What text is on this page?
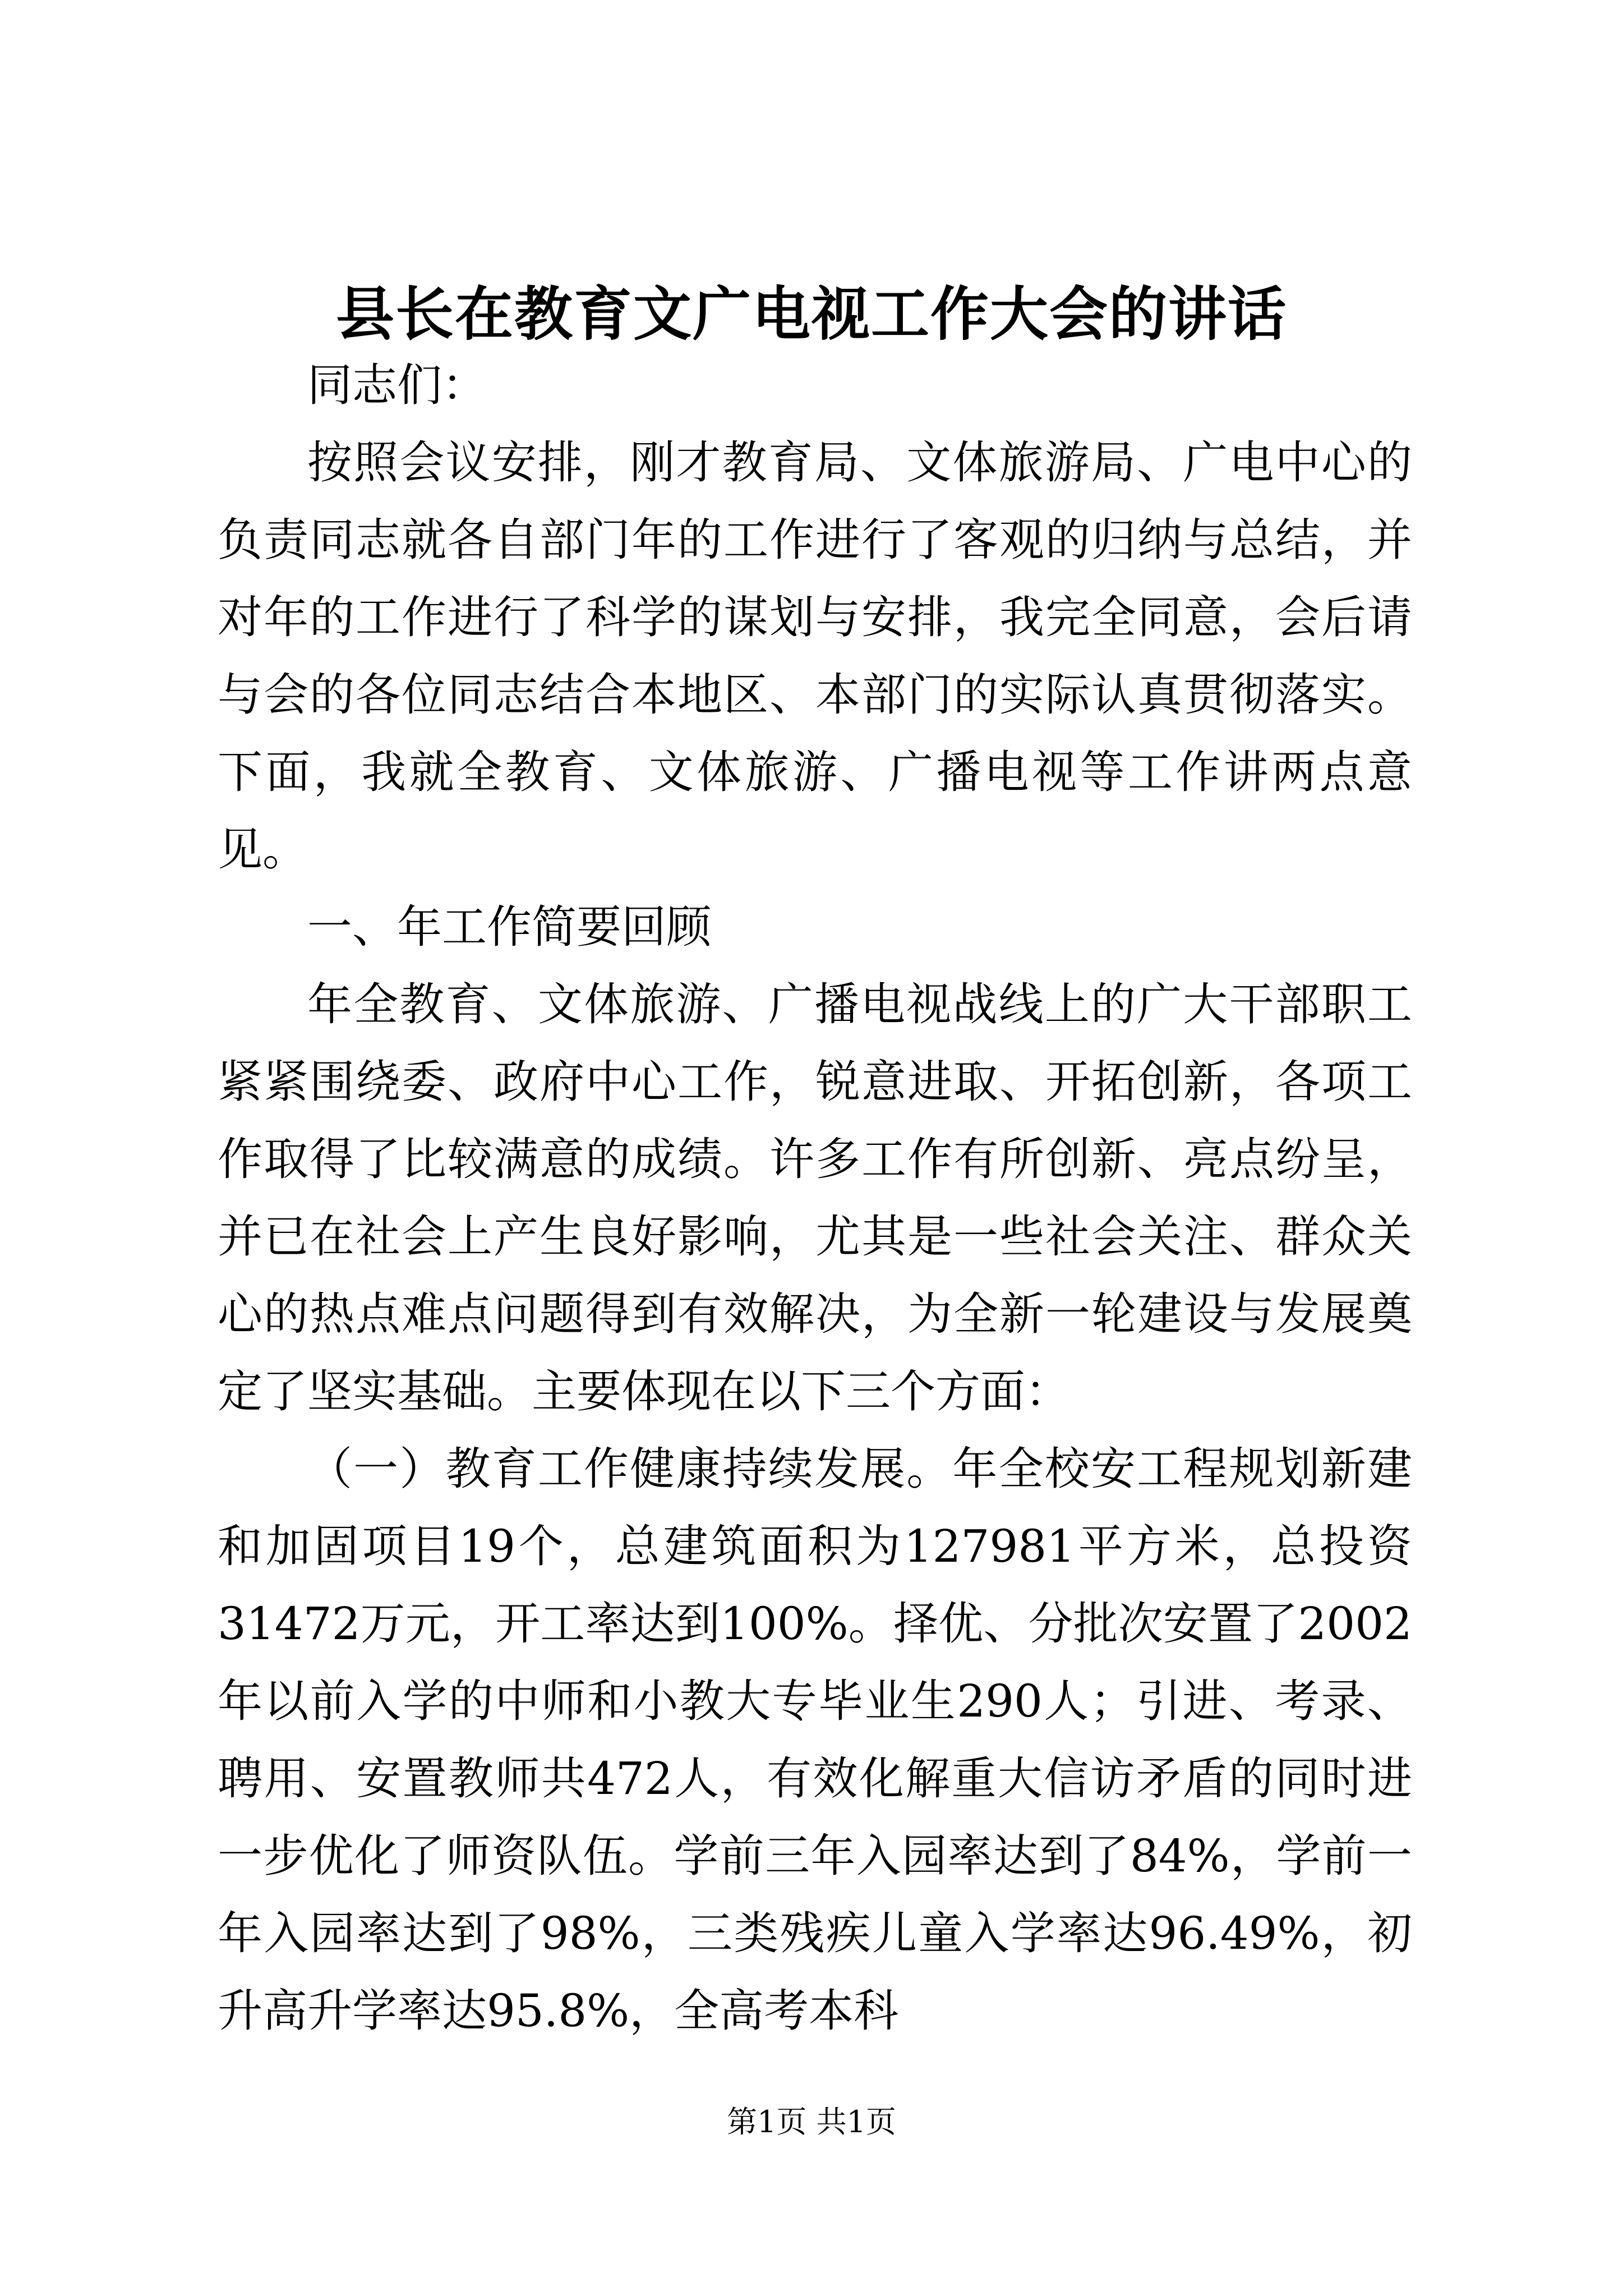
县长在教育文广电视工作大会的讲话

同志们：

按照会议安排，刚才教育局、文体旅游局、广电中心的负责同志就各自部门年的工作进行了客观的归纳与总结，并对年的工作进行了科学的谋划与安排，我完全同意，会后请与会的各位同志结合本地区、本部门的实际认真贯彻落实。下面，我就全教育、文体旅游、广播电视等工作讲两点意见。

一、年工作简要回顾

年全教育、文体旅游、广播电视战线上的广大干部职工紧紧围绕委、政府中心工作，锐意进取、开拓创新，各项工作取得了比较满意的成绩。许多工作有所创新、亮点纷呈，并已在社会上产生良好影响，尤其是一些社会关注、群众关心的热点难点问题得到有效解决，为全新一轮建设与发展奠定了坚实基础。主要体现在以下三个方面：

（一）教育工作健康持续发展。年全校安工程规划新建和加固项目19个，总建筑面积为127981平方米，总投资31472万元，开工率达到100%。择优、分批次安置了2002年以前入学的中师和小教大专毕业生290人；引进、考录、聘用、安置教师共472人，有效化解重大信访矛盾的同时进一步优化了师资队伍。学前三年入园率达到了84%，学前一年入园率达到了98%，三类残疾儿童入学率达96.49%，初升高升学率达95.8%，全高考本科

第1页 共1页
